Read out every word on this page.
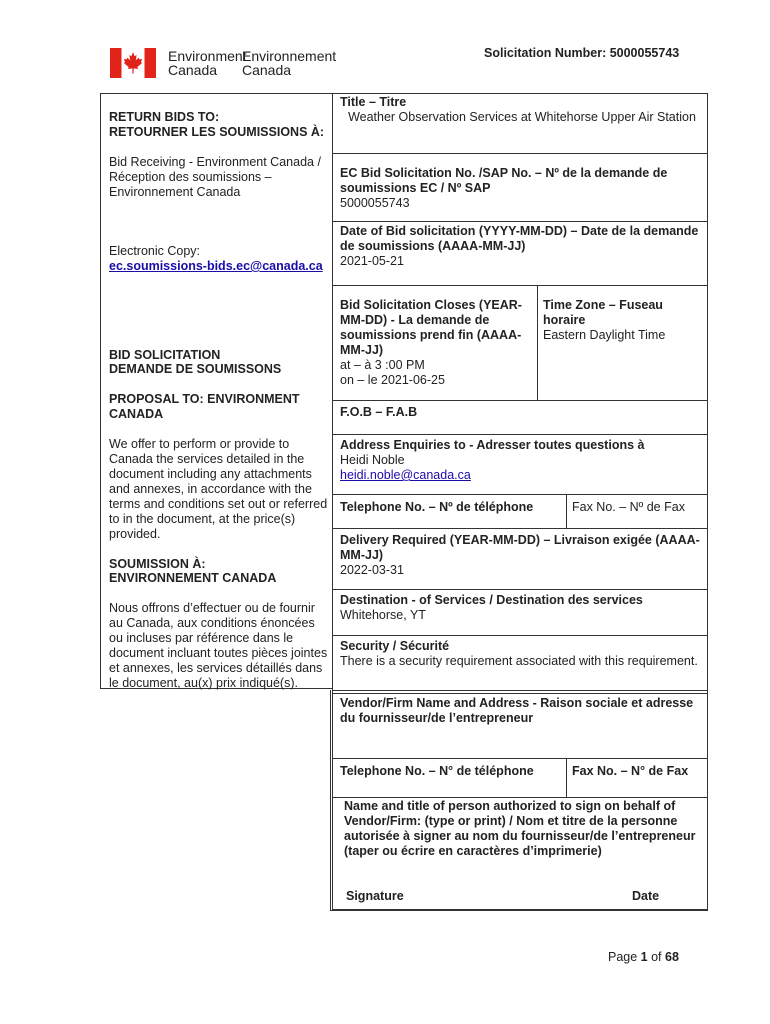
Environment
Canada
Environnement
Canada
Solicitation Number: 5000055743
RETURN BIDS TO:
RETOURNER LES SOUMISSIONS À:
Bid Receiving - Environment Canada / Réception des soumissions – Environnement Canada
Electronic Copy:
ec.soumissions-bids.ec@canada.ca
BID SOLICITATION
DEMANDE DE SOUMISSONS
PROPOSAL TO: ENVIRONMENT CANADA
We offer to perform or provide to Canada the services detailed in the document including any attachments and annexes, in accordance with the terms and conditions set out or referred to in the document, at the price(s) provided.
SOUMISSION À:
ENVIRONNEMENT CANADA
Nous offrons d’effectuer ou de fournir au Canada, aux conditions énoncées ou incluses par référence dans le document incluant toutes pièces jointes et annexes, les services détaillés dans le document, au(x) prix indiqué(s).
Title – Titre
Weather Observation Services at Whitehorse Upper Air Station
EC Bid Solicitation No. /SAP No. – Nº de la demande de soumissions EC / Nº SAP
5000055743
Date of Bid solicitation (YYYY-MM-DD) – Date de la demande de soumissions (AAAA-MM-JJ)
2021-05-21
Bid Solicitation Closes (YEAR-MM-DD) - La demande de soumissions prend fin (AAAA-MM-JJ)
at – à 3 :00 PM
on – le 2021-06-25
Time Zone – Fuseau horaire
Eastern Daylight Time
F.O.B – F.A.B
Address Enquiries to - Adresser toutes questions à
Heidi Noble
heidi.noble@canada.ca
Telephone No. – Nº de téléphone	Fax No. – Nº de Fax
Delivery Required (YEAR-MM-DD) – Livraison exigée (AAAA-MM-JJ)
2022-03-31
Destination - of Services / Destination des services
Whitehorse, YT
Security / Sécurité
There is a security requirement associated with this requirement.
Vendor/Firm Name and Address - Raison sociale et adresse du fournisseur/de l’entrepreneur
Telephone No. – N° de téléphone	Fax No. – N° de Fax
Name and title of person authorized to sign on behalf of Vendor/Firm: (type or print) / Nom et titre de la personne autorisée à signer au nom du fournisseur/de l’entrepreneur (taper ou écrire en caractères d’imprimerie)
Signature	Date
Page 1 of 68
